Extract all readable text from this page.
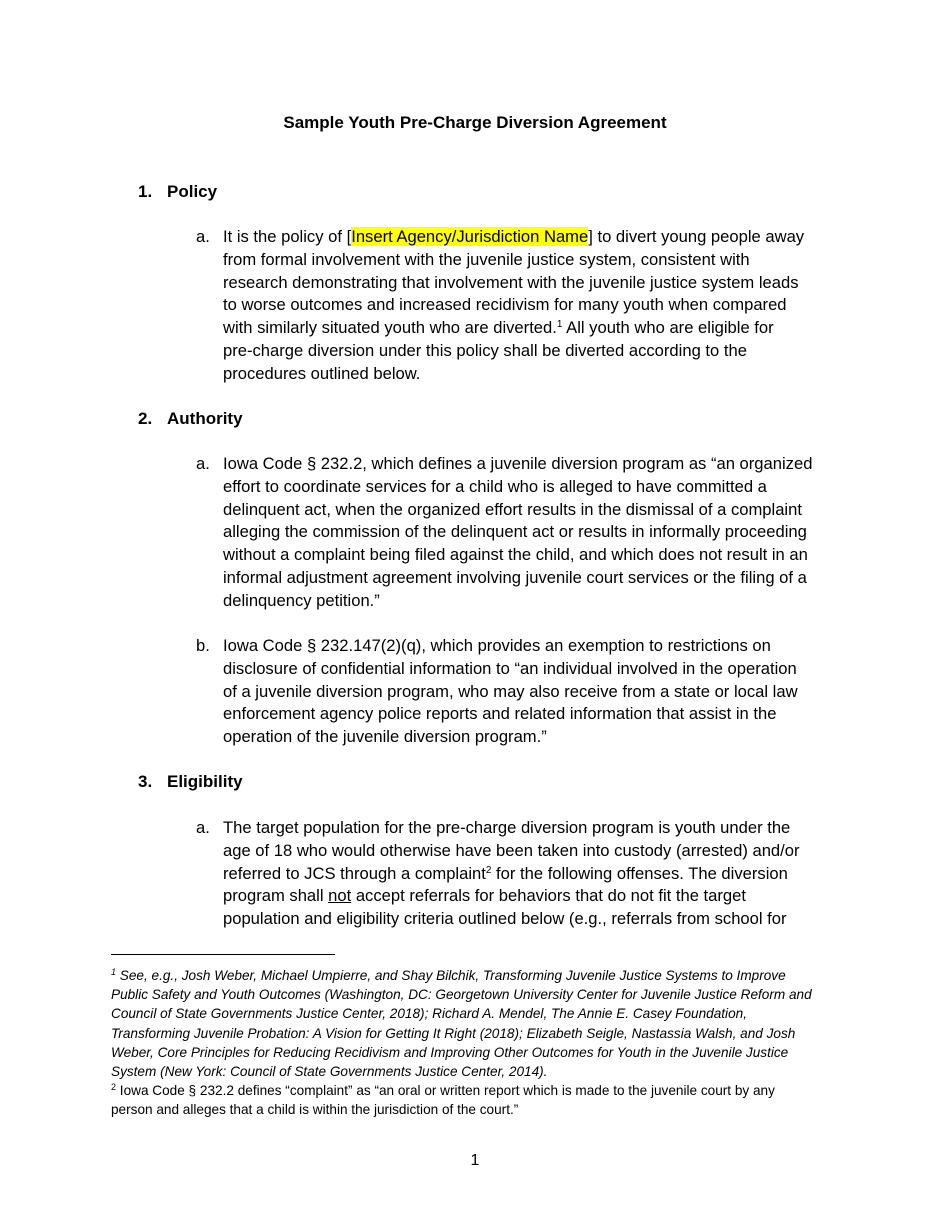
Sample Youth Pre-Charge Diversion Agreement
1. Policy
a. It is the policy of [Insert Agency/Jurisdiction Name] to divert young people away
from formal involvement with the juvenile justice system, consistent with
research demonstrating that involvement with the juvenile justice system leads
to worse outcomes and increased recidivism for many youth when compared
with similarly situated youth who are diverted.$^1$ All youth who are eligible for
pre-charge diversion under this policy shall be diverted according to the
procedures outlined below.
2. Authority
a. Iowa Code § 232.2, which defines a juvenile diversion program as “an organized
effort to coordinate services for a child who is alleged to have committed a
delinquent act, when the organized effort results in the dismissal of a complaint
alleging the commission of the delinquent act or results in informally proceeding
without a complaint being filed against the child, and which does not result in an
informal adjustment agreement involving juvenile court services or the filing of a
delinquency petition.”
b. Iowa Code § 232.147(2)(q), which provides an exemption to restrictions on
disclosure of confidential information to “an individual involved in the operation
of a juvenile diversion program, who may also receive from a state or local law
enforcement agency police reports and related information that assist in the
operation of the juvenile diversion program.”
3. Eligibility
a. The target population for the pre-charge diversion program is youth under the
age of 18 who would otherwise have been taken into custody (arrested) and/or
referred to JCS through a complaint$^2$ for the following offenses. The diversion
program shall not accept referrals for behaviors that do not fit the target
population and eligibility criteria outlined below (e.g., referrals from school for
$^1$ See, e.g., Josh Weber, Michael Umpierre, and Shay Bilchik, Transforming Juvenile Justice Systems to Improve
Public Safety and Youth Outcomes (Washington, DC: Georgetown University Center for Juvenile Justice Reform and
Council of State Governments Justice Center, 2018); Richard A. Mendel, The Annie E. Casey Foundation,
Transforming Juvenile Probation: A Vision for Getting It Right (2018); Elizabeth Seigle, Nastassia Walsh, and Josh
Weber, Core Principles for Reducing Recidivism and Improving Other Outcomes for Youth in the Juvenile Justice
System (New York: Council of State Governments Justice Center, 2014).
$^2$ Iowa Code § 232.2 defines “complaint” as “an oral or written report which is made to the juvenile court by any
person and alleges that a child is within the jurisdiction of the court.”
1
